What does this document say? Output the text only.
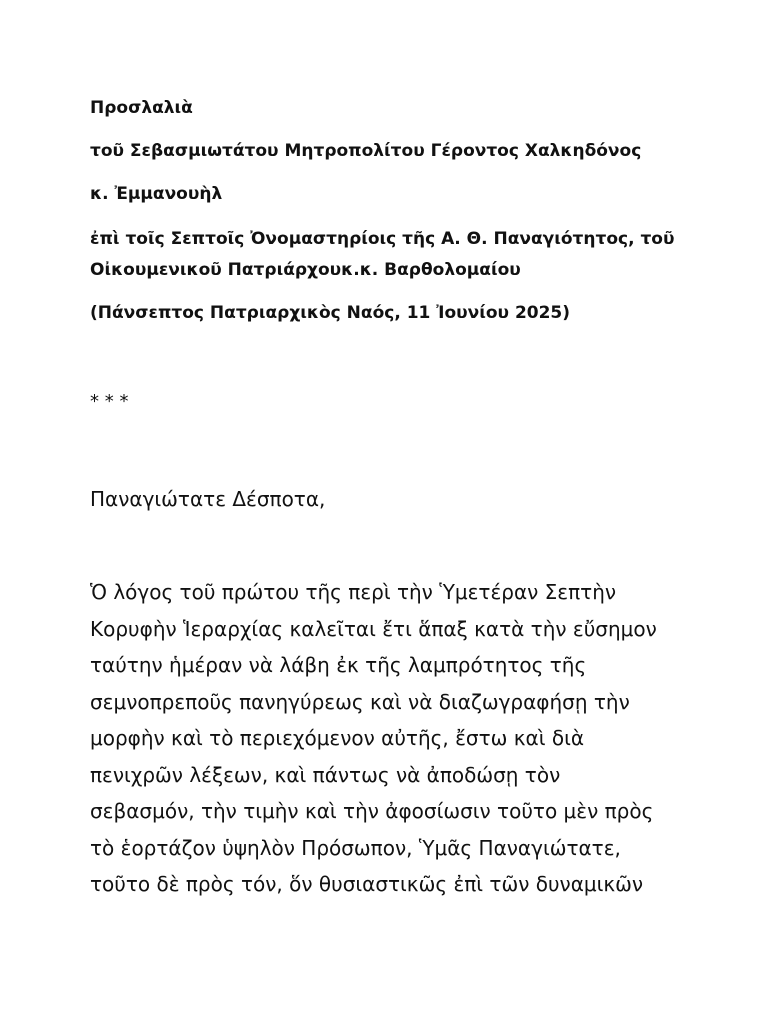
Προσλαλιὰ

τοῦ Σεβασμιωτάτου Μητροπολίτου Γέροντος Χαλκηδόνος

κ. Ἐμμανουὴλ

ἐπὶ τοῖς Σεπτοῖς Ὀνομαστηρίοις τῆς Α. Θ. Παναγιότητος, τοῦ

Οἰκουμενικοῦ Πατριάρχουκ.κ. Βαρθολομαίου

(Πάνσεπτος Πατριαρχικὸς Ναός, 11 Ἰουνίου 2025)

* * *

Παναγιώτατε Δέσποτα,

Ὁ λόγος τοῦ πρώτου τῆς περὶ τὴν Ὑμετέραν Σεπτὴν
Κορυφὴν Ἱεραρχίας καλεῖται ἔτι ἅπαξ κατὰ τὴν εὔσημον
ταύτην ἡμέραν νὰ λάβη ἐκ τῆς λαμπρότητος τῆς
σεμνοπρεποῦς πανηγύρεως καὶ νὰ διαζωγραφήσῃ τὴν
μορφὴν καὶ τὸ περιεχόμενον αὐτῆς, ἔστω καὶ διὰ
πενιχρῶν λέξεων, καὶ πάντως νὰ ἀποδώσῃ τὸν
σεβασμόν, τὴν τιμὴν καὶ τὴν ἀφοσίωσιν τοῦτο μὲν πρὸς
τὸ ἑορτάζον ὑψηλὸν Πρόσωπον, Ὑμᾶς Παναγιώτατε,
τοῦτο δὲ πρὸς τόν, ὅν θυσιαστικῶς ἐπὶ τῶν δυναμικῶν
